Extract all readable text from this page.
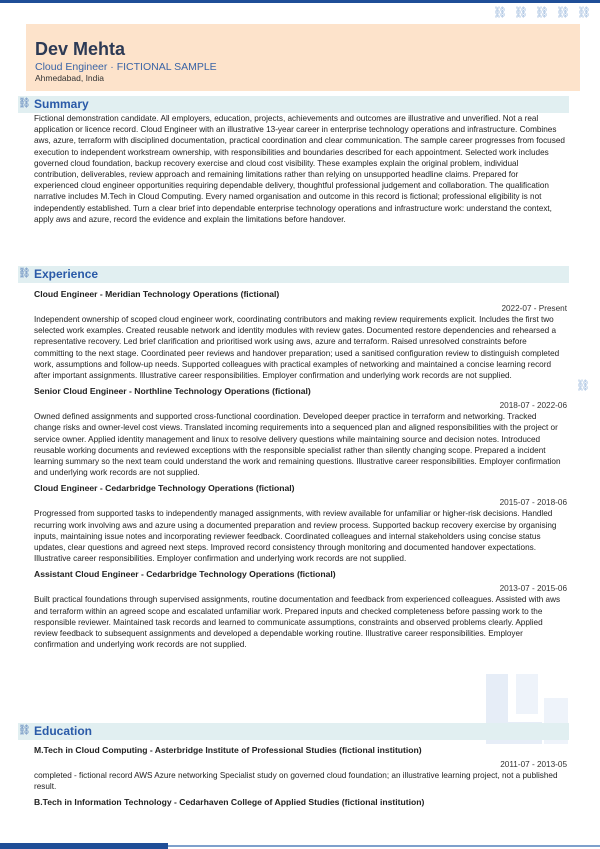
⛓ ⛓ ⛓ ⛓ ⛓
⛓
Dev Mehta
Cloud Engineer · FICTIONAL SAMPLE
Ahmedabad, India
⛓ Summary

Fictional demonstration candidate. All employers, education, projects, achievements and outcomes are illustrative and unverified. Not a real application or licence record. Cloud Engineer with an illustrative 13-year career in enterprise technology operations and infrastructure. Combines aws, azure, terraform with disciplined documentation, practical coordination and clear communication. The sample career progresses from focused execution to independent workstream ownership, with responsibilities and boundaries described for each appointment. Selected work includes governed cloud foundation, backup recovery exercise and cloud cost visibility. These examples explain the original problem, individual contribution, deliverables, review approach and remaining limitations rather than relying on unsupported headline claims. Prepared for experienced cloud engineer opportunities requiring dependable delivery, thoughtful professional judgement and collaboration. The qualification narrative includes M.Tech in Cloud Computing. Every named organisation and outcome in this record is fictional; professional eligibility is not independently established. Turn a clear brief into dependable enterprise technology operations and infrastructure work: understand the context, apply aws and azure, record the evidence and explain the limitations before handover.

⛓ Experience

Cloud Engineer - Meridian Technology Operations (fictional)

2022-07 - Present

Independent ownership of scoped cloud engineer work, coordinating contributors and making review requirements explicit. Includes the first two selected work examples. Created reusable network and identity modules with review gates. Documented restore dependencies and rehearsed a representative recovery. Led brief clarification and prioritised work using aws, azure and terraform. Raised unresolved constraints before committing to the next stage. Coordinated peer reviews and handover preparation; used a sanitised configuration review to distinguish completed work, assumptions and follow-up needs. Supported colleagues with practical examples of networking and maintained a concise learning record after important assignments. Illustrative career responsibilities. Employer confirmation and underlying work records are not supplied.

Senior Cloud Engineer - Northline Technology Operations (fictional)

2018-07 - 2022-06

Owned defined assignments and supported cross-functional coordination. Developed deeper practice in terraform and networking. Tracked change risks and owner-level cost views. Translated incoming requirements into a sequenced plan and aligned responsibilities with the project or service owner. Applied identity management and linux to resolve delivery questions while maintaining source and decision notes. Introduced reusable working documents and reviewed exceptions with the responsible specialist rather than silently changing scope. Prepared a incident learning summary so the next team could understand the work and remaining questions. Illustrative career responsibilities. Employer confirmation and underlying work records are not supplied.

Cloud Engineer - Cedarbridge Technology Operations (fictional)

2015-07 - 2018-06

Progressed from supported tasks to independently managed assignments, with review available for unfamiliar or higher-risk decisions. Handled recurring work involving aws and azure using a documented preparation and review process. Supported backup recovery exercise by organising inputs, maintaining issue notes and incorporating reviewer feedback. Coordinated colleagues and internal stakeholders using concise status updates, clear questions and agreed next steps. Improved record consistency through monitoring and documented handover expectations. Illustrative career responsibilities. Employer confirmation and underlying work records are not supplied.

Assistant Cloud Engineer - Cedarbridge Technology Operations (fictional)

2013-07 - 2015-06

Built practical foundations through supervised assignments, routine documentation and feedback from experienced colleagues. Assisted with aws and terraform within an agreed scope and escalated unfamiliar work. Prepared inputs and checked completeness before passing work to the responsible reviewer. Maintained task records and learned to communicate assumptions, constraints and observed problems clearly. Applied review feedback to subsequent assignments and developed a dependable working routine. Illustrative career responsibilities. Employer confirmation and underlying work records are not supplied.

⛓ Education

M.Tech in Cloud Computing - Asterbridge Institute of Professional Studies (fictional institution)

2011-07 - 2013-05

completed - fictional record AWS Azure networking Specialist study on governed cloud foundation; an illustrative learning project, not a published result.

B.Tech in Information Technology - Cedarhaven College of Applied Studies (fictional institution)
